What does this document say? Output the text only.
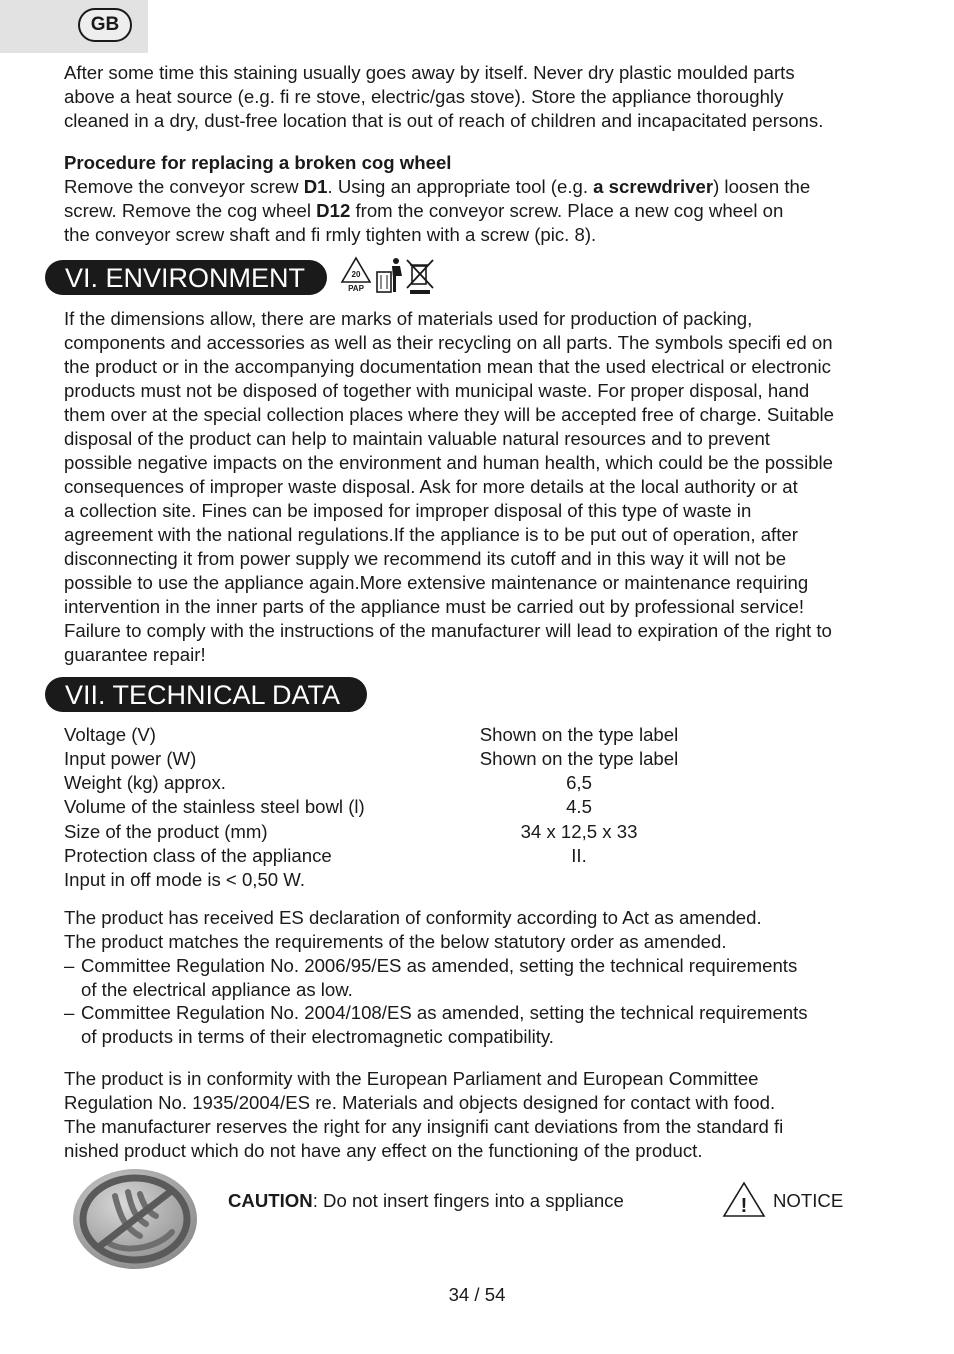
GB
After some time this staining usually goes away by itself. Never dry plastic moulded parts
above a heat source (e.g. fi re stove, electric/gas stove). Store the appliance thoroughly
cleaned in a dry, dust-free location that is out of reach of children and incapacitated persons.
Procedure for replacing a broken cog wheel
Remove the conveyor screw D1. Using an appropriate tool (e.g. a screwdriver) loosen the
screw. Remove the cog wheel D12 from the conveyor screw. Place a new cog wheel on
the conveyor screw shaft and fi rmly tighten with a screw (pic. 8).
VI. ENVIRONMENT	20
PAP
If the dimensions allow, there are marks of materials used for production of packing,
components and accessories as well as their recycling on all parts. The symbols specifi ed on
the product or in the accompanying documentation mean that the used electrical or electronic
products must not be disposed of together with municipal waste. For proper disposal, hand
them over at the special collection places where they will be accepted free of charge. Suitable
disposal of the product can help to maintain valuable natural resources and to prevent
possible negative impacts on the environment and human health, which could be the possible
consequences of improper waste disposal. Ask for more details at the local authority or at
a collection site. Fines can be imposed for improper disposal of this type of waste in
agreement with the national regulations.If the appliance is to be put out of operation, after
disconnecting it from power supply we recommend its cutoff and in this way it will not be
possible to use the appliance again.More extensive maintenance or maintenance requiring
intervention in the inner parts of the appliance must be carried out by professional service!
Failure to comply with the instructions of the manufacturer will lead to expiration of the right to
guarantee repair!
VII. TECHNICAL DATA
Voltage (V)	Shown on the type label
Input power (W)	Shown on the type label
Weight (kg) approx.	6,5
Volume of the stainless steel bowl (l)	4.5
Size of the product (mm)	34 x 12,5 x 33
Protection class of the appliance	II.
Input in off mode is < 0,50 W.
The product has received ES declaration of conformity according to Act as amended.
The product matches the requirements of the below statutory order as amended.
– Committee Regulation No. 2006/95/ES as amended, setting the technical requirements
of the electrical appliance as low.
– Committee Regulation No. 2004/108/ES as amended, setting the technical requirements
of products in terms of their electromagnetic compatibility.
The product is in conformity with the European Parliament and European Committee
Regulation No. 1935/2004/ES re. Materials and objects designed for contact with food.
The manufacturer reserves the right for any insignifi cant deviations from the standard fi
nished product which do not have any effect on the functioning of the product.
CAUTION: Do not insert fingers into a sppliance	! NOTICE
34 / 54
